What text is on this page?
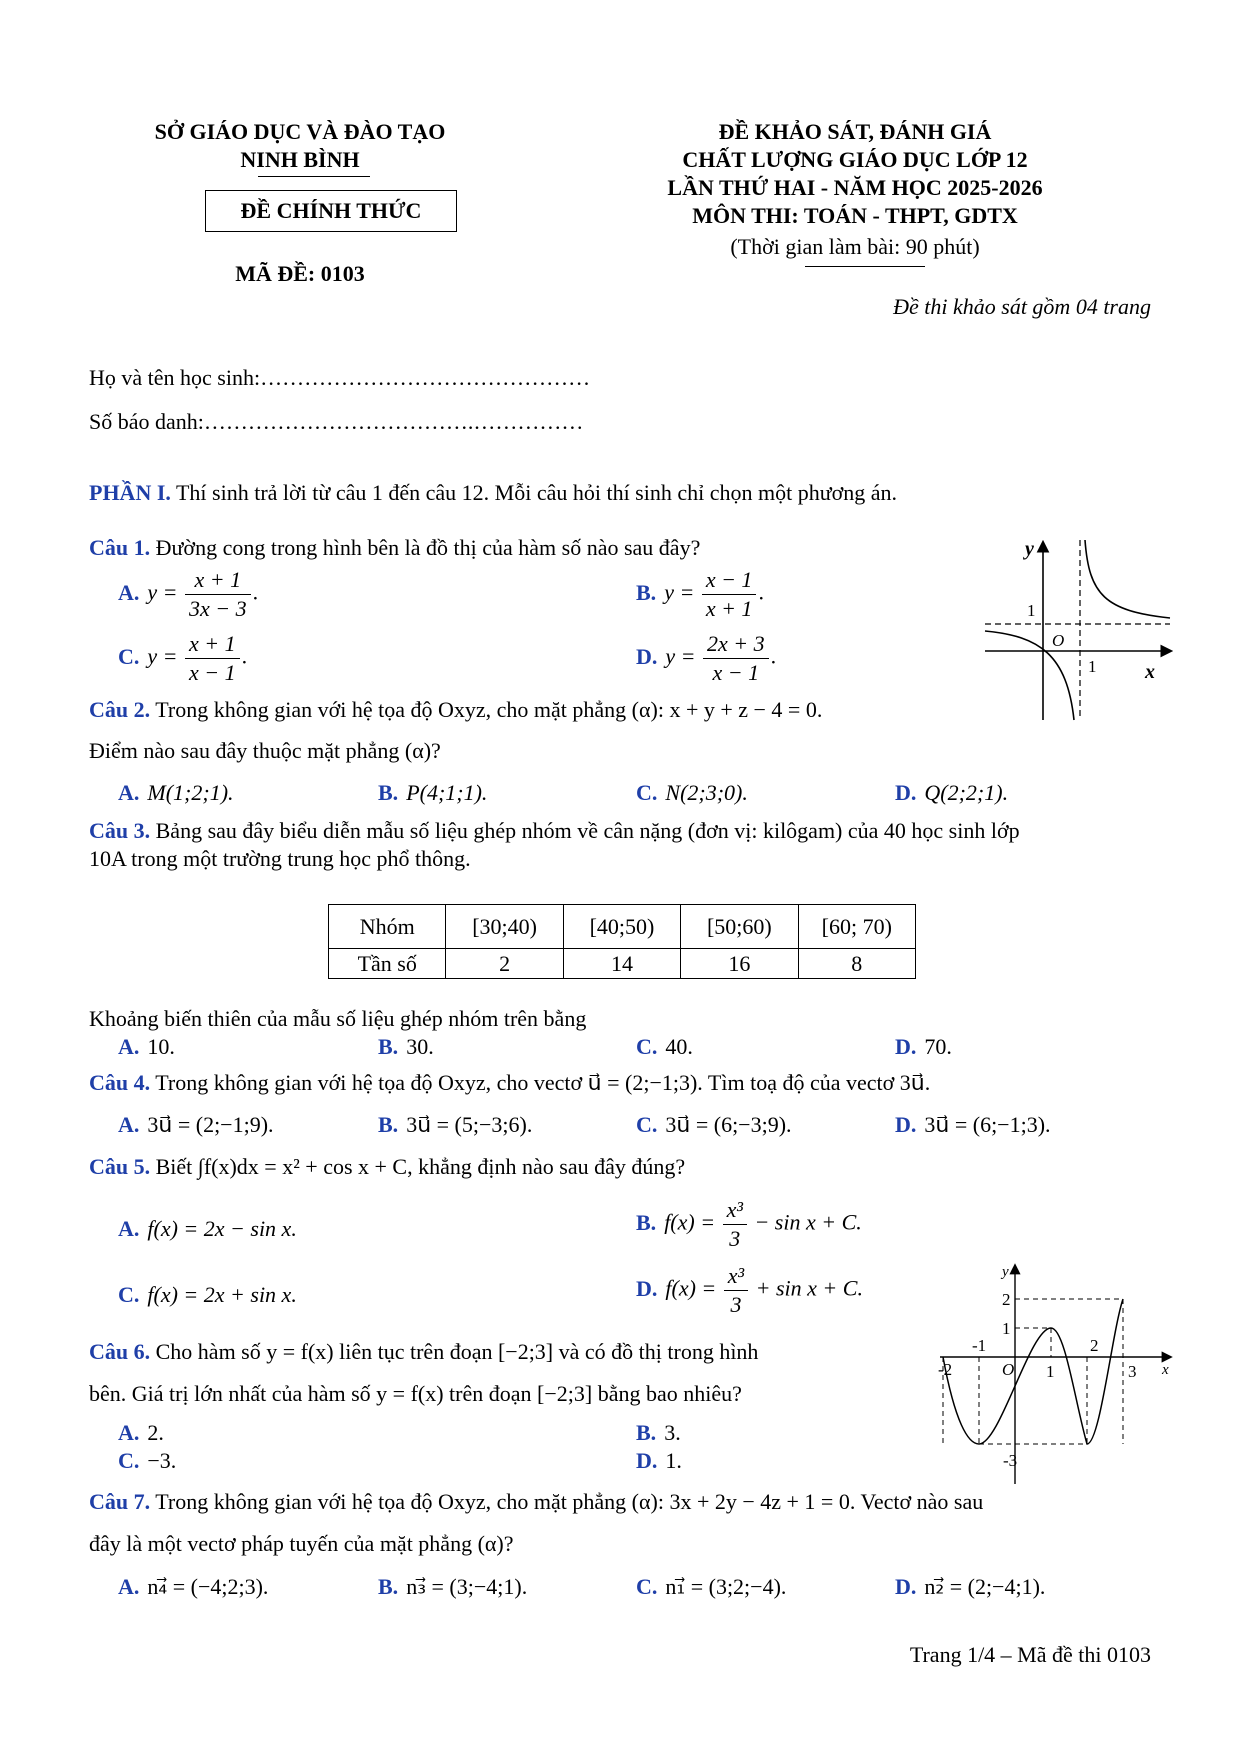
SỞ GIÁO DỤC VÀ ĐÀO TẠO
NINH BÌNH
ĐỀ CHÍNH THỨC
MÃ ĐỀ: 0103
ĐỀ KHẢO SÁT, ĐÁNH GIÁ
CHẤT LƯỢNG GIÁO DỤC LỚP 12
LẦN THỨ HAI - NĂM HỌC 2025-2026
MÔN THI: TOÁN - THPT, GDTX
(Thời gian làm bài: 90 phút)
Đề thi khảo sát gồm 04 trang
Họ và tên học sinh:………………………………………
Số báo danh:……………………………….……………
PHẦN I. Thí sinh trả lời từ câu 1 đến câu 12. Mỗi câu hỏi thí sinh chỉ chọn một phương án.
Câu 1. Đường cong trong hình bên là đồ thị của hàm số nào sau đây?
A. $y = \frac{x + 1}{3x - 3}$ .	B. $y = \frac{x - 1}{x + 1}$ .
C. $y = \frac{x + 1}{x - 1}$ .	D. $y = \frac{2x + 3}{x - 1}$ .
y
x
O
1
1
Câu 2. Trong không gian với hệ tọa độ Oxyz, cho mặt phẳng (α): x + y + z − 4 = 0.
Điểm nào sau đây thuộc mặt phẳng (α)?
A. M(1;2;1).	B. P(4;1;1).	C. N(2;3;0).	D. Q(2;2;1).
Câu 3. Bảng sau đây biểu diễn mẫu số liệu ghép nhóm về cân nặng (đơn vị: kilôgam) của 40 học sinh lớp
10A trong một trường trung học phổ thông.
Nhóm	[30;40)	[40;50)	[50;60)	[60; 70)
Tần số	2	14	16	8
Khoảng biến thiên của mẫu số liệu ghép nhóm trên bằng
A. 10.	B. 30.	C. 40.	D. 70.
Câu 4. Trong không gian với hệ tọa độ Oxyz, cho vectơ u⃗ = (2;−1;3). Tìm toạ độ của vectơ 3u⃗.
A. 3u⃗ = (2;−1;9).	B. 3u⃗ = (5;−3;6).	C. 3u⃗ = (6;−3;9).	D. 3u⃗ = (6;−1;3).
Câu 5. Biết ∫f(x)dx = x² + cos x + C, khẳng định nào sau đây đúng?
A. f(x) = 2x − sin x.	B. $f(x) = \frac{\text{x³}}{3} - \sin x + C$.
C. f(x) = 2x + sin x.	D. $f(x) = \frac{\text{x³}}{3} + \sin x + C$.
Câu 6. Cho hàm số y = f(x) liên tục trên đoạn [−2;3] và có đồ thị trong hình
bên. Giá trị lớn nhất của hàm số y = f(x) trên đoạn [−2;3] bằng bao nhiêu?
A. 2.	B. 3.
C. −3.	D. 1.
y
x
O
2
1
-1
-2	1
2
3
-3
Câu 7. Trong không gian với hệ tọa độ Oxyz, cho mặt phẳng (α): 3x + 2y − 4z + 1 = 0. Vectơ nào sau
đây là một vectơ pháp tuyến của mặt phẳng (α)?
A. n₄⃗ = (−4;2;3).	B. n₃⃗ = (3;−4;1).	C. n₁⃗ = (3;2;−4).	D. n₂⃗ = (2;−4;1).
Trang 1/4 – Mã đề thi 0103
